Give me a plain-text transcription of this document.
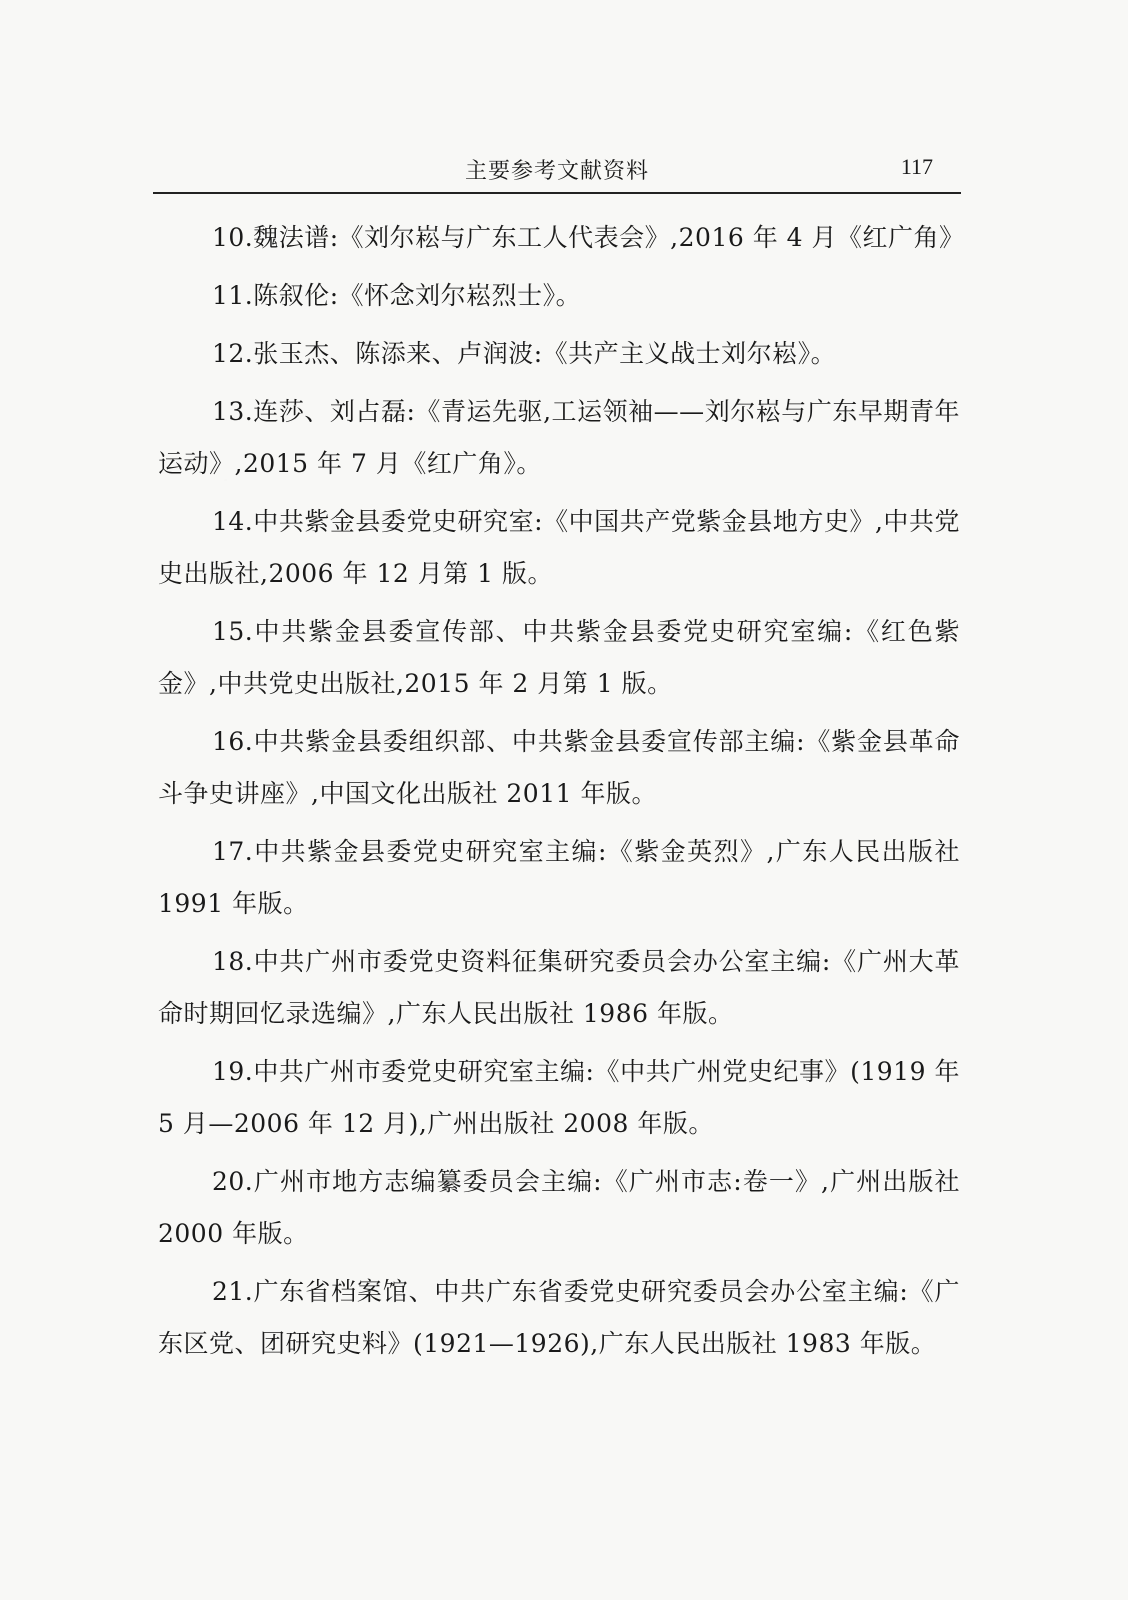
主要参考文献资料	117

10.魏法谱:《刘尔崧与广东工人代表会》,2016 年 4 月《红广角》

11.陈叙伦:《怀念刘尔崧烈士》。

12.张玉杰、陈添来、卢润波:《共产主义战士刘尔崧》。

13.连莎、刘占磊:《青运先驱,工运领袖——刘尔崧与广东早期青年运动》,2015 年 7 月《红广角》。

14.中共紫金县委党史研究室:《中国共产党紫金县地方史》,中共党史出版社,2006 年 12 月第 1 版。

15.中共紫金县委宣传部、中共紫金县委党史研究室编:《红色紫金》,中共党史出版社,2015 年 2 月第 1 版。

16.中共紫金县委组织部、中共紫金县委宣传部主编:《紫金县革命斗争史讲座》,中国文化出版社 2011 年版。

17.中共紫金县委党史研究室主编:《紫金英烈》,广东人民出版社 1991 年版。

18.中共广州市委党史资料征集研究委员会办公室主编:《广州大革命时期回忆录选编》,广东人民出版社 1986 年版。

19.中共广州市委党史研究室主编:《中共广州党史纪事》(1919 年 5 月—2006 年 12 月),广州出版社 2008 年版。

20.广州市地方志编纂委员会主编:《广州市志:卷一》,广州出版社 2000 年版。

21.广东省档案馆、中共广东省委党史研究委员会办公室主编:《广东区党、团研究史料》(1921—1926),广东人民出版社 1983 年版。
